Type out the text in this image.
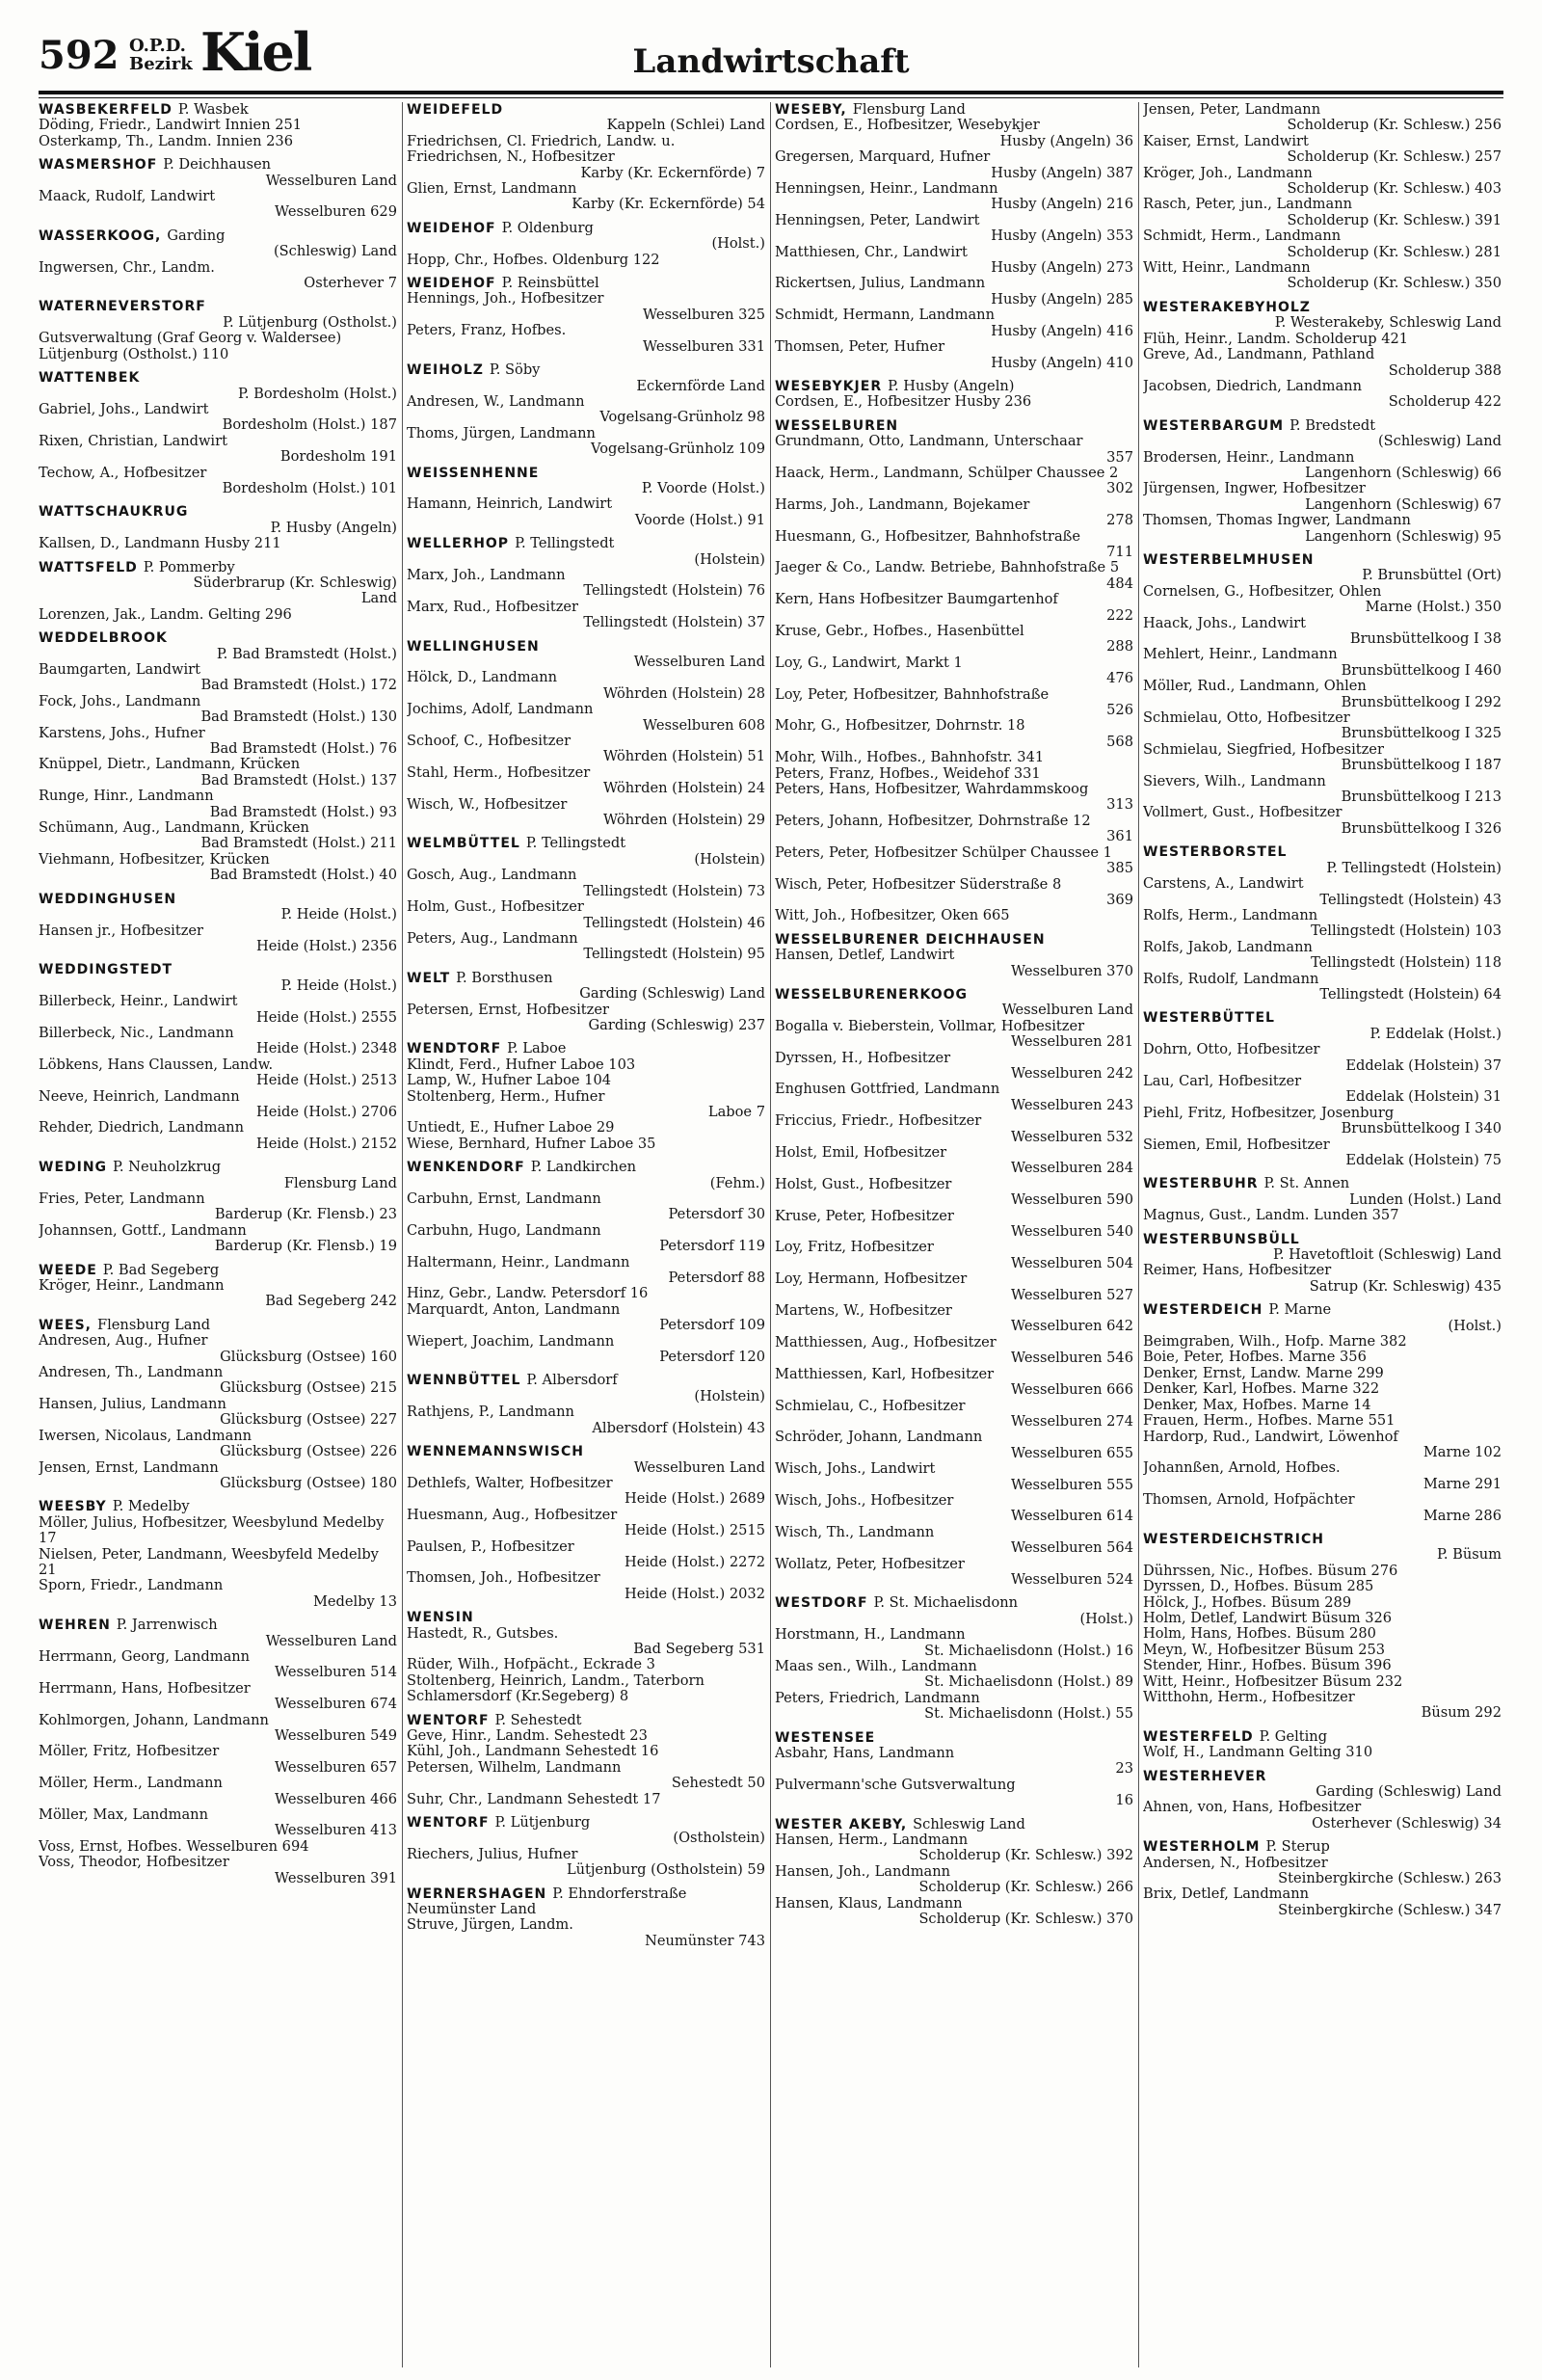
592 O.P.D.
Bezirk Kiel	Landwirtschaft
WASBEKERFELD P. Wasbek
Döding, Friedr., Landwirt Innien 251
Osterkamp, Th., Landm. Innien 236
WASMERSHOF P. Deichhausen
Wesselburen Land
Maack, Rudolf, Landwirt
Wesselburen 629
WASSERKOOG, Garding
(Schleswig) Land
Ingwersen, Chr., Landm.
Osterhever 7
WATERNEVERSTORF
P. Lütjenburg (Ostholst.)
Gutsverwaltung (Graf Georg v. Waldersee) Lütjenburg (Ostholst.) 110
WATTENBEK
P. Bordesholm (Holst.)
Gabriel, Johs., Landwirt
Bordesholm (Holst.) 187
Rixen, Christian, Landwirt
Bordesholm 191
Techow, A., Hofbesitzer
Bordesholm (Holst.) 101
WATTSCHAUKRUG
P. Husby (Angeln)
Kallsen, D., Landmann Husby 211
WATTSFELD P. Pommerby
Süderbrarup (Kr. Schleswig)
Land
Lorenzen, Jak., Landm. Gelting 296
WEDDELBROOK
P. Bad Bramstedt (Holst.)
Baumgarten, Landwirt
Bad Bramstedt (Holst.) 172
Fock, Johs., Landmann
Bad Bramstedt (Holst.) 130
Karstens, Johs., Hufner
Bad Bramstedt (Holst.) 76
Knüppel, Dietr., Landmann, Krücken
Bad Bramstedt (Holst.) 137
Runge, Hinr., Landmann
Bad Bramstedt (Holst.) 93
Schümann, Aug., Landmann, Krücken
Bad Bramstedt (Holst.) 211
Viehmann, Hofbesitzer, Krücken
Bad Bramstedt (Holst.) 40
WEDDINGHUSEN
P. Heide (Holst.)
Hansen jr., Hofbesitzer
Heide (Holst.) 2356
WEDDINGSTEDT
P. Heide (Holst.)
Billerbeck, Heinr., Landwirt
Heide (Holst.) 2555
Billerbeck, Nic., Landmann
Heide (Holst.) 2348
Löbkens, Hans Claussen, Landw.
Heide (Holst.) 2513
Neeve, Heinrich, Landmann
Heide (Holst.) 2706
Rehder, Diedrich, Landmann
Heide (Holst.) 2152
WEDING P. Neuholzkrug
Flensburg Land
Fries, Peter, Landmann
Barderup (Kr. Flensb.) 23
Johannsen, Gottf., Landmann
Barderup (Kr. Flensb.) 19
WEEDE P. Bad Segeberg
Kröger, Heinr., Landmann
Bad Segeberg 242
WEES, Flensburg Land
Andresen, Aug., Hufner
Glücksburg (Ostsee) 160
Andresen, Th., Landmann
Glücksburg (Ostsee) 215
Hansen, Julius, Landmann
Glücksburg (Ostsee) 227
Iwersen, Nicolaus, Landmann
Glücksburg (Ostsee) 226
Jensen, Ernst, Landmann
Glücksburg (Ostsee) 180
WEESBY P. Medelby
Möller, Julius, Hofbesitzer, Weesbylund Medelby 17
Nielsen, Peter, Landmann, Weesbyfeld Medelby 21
Sporn, Friedr., Landmann
Medelby 13
WEHREN P. Jarrenwisch
Wesselburen Land
Herrmann, Georg, Landmann
Wesselburen 514
Herrmann, Hans, Hofbesitzer
Wesselburen 674
Kohlmorgen, Johann, Landmann
Wesselburen 549
Möller, Fritz, Hofbesitzer
Wesselburen 657
Möller, Herm., Landmann
Wesselburen 466
Möller, Max, Landmann
Wesselburen 413
Voss, Ernst, Hofbes. Wesselburen 694
Voss, Theodor, Hofbesitzer
Wesselburen 391
WEIDEFELD
Kappeln (Schlei) Land
Friedrichsen, Cl. Friedrich, Landw. u. Friedrichsen, N., Hofbesitzer
Karby (Kr. Eckernförde) 7
Glien, Ernst, Landmann
Karby (Kr. Eckernförde) 54
WEIDEHOF P. Oldenburg
(Holst.)
Hopp, Chr., Hofbes. Oldenburg 122
WEIDEHOF P. Reinsbüttel
Hennings, Joh., Hofbesitzer
Wesselburen 325
Peters, Franz, Hofbes.
Wesselburen 331
WEIHOLZ P. Söby
Eckernförde Land
Andresen, W., Landmann
Vogelsang-Grünholz 98
Thoms, Jürgen, Landmann
Vogelsang-Grünholz 109
WEISSENHENNE
P. Voorde (Holst.)
Hamann, Heinrich, Landwirt
Voorde (Holst.) 91
WELLERHOP P. Tellingstedt
(Holstein)
Marx, Joh., Landmann
Tellingstedt (Holstein) 76
Marx, Rud., Hofbesitzer
Tellingstedt (Holstein) 37
WELLINGHUSEN
Wesselburen Land
Hölck, D., Landmann
Wöhrden (Holstein) 28
Jochims, Adolf, Landmann
Wesselburen 608
Schoof, C., Hofbesitzer
Wöhrden (Holstein) 51
Stahl, Herm., Hofbesitzer
Wöhrden (Holstein) 24
Wisch, W., Hofbesitzer
Wöhrden (Holstein) 29
WELMBÜTTEL P. Tellingstedt
(Holstein)
Gosch, Aug., Landmann
Tellingstedt (Holstein) 73
Holm, Gust., Hofbesitzer
Tellingstedt (Holstein) 46
Peters, Aug., Landmann
Tellingstedt (Holstein) 95
WELT P. Borsthusen
Garding (Schleswig) Land
Petersen, Ernst, Hofbesitzer
Garding (Schleswig) 237
WENDTORF P. Laboe
Klindt, Ferd., Hufner Laboe 103
Lamp, W., Hufner Laboe 104
Stoltenberg, Herm., Hufner
Laboe 7
Untiedt, E., Hufner Laboe 29
Wiese, Bernhard, Hufner Laboe 35
WENKENDORF P. Landkirchen
(Fehm.)
Carbuhn, Ernst, Landmann
Petersdorf 30
Carbuhn, Hugo, Landmann
Petersdorf 119
Haltermann, Heinr., Landmann
Petersdorf 88
Hinz, Gebr., Landw. Petersdorf 16
Marquardt, Anton, Landmann
Petersdorf 109
Wiepert, Joachim, Landmann
Petersdorf 120
WENNBÜTTEL P. Albersdorf
(Holstein)
Rathjens, P., Landmann
Albersdorf (Holstein) 43
WENNEMANNSWISCH
Wesselburen Land
Dethlefs, Walter, Hofbesitzer
Heide (Holst.) 2689
Huesmann, Aug., Hofbesitzer
Heide (Holst.) 2515
Paulsen, P., Hofbesitzer
Heide (Holst.) 2272
Thomsen, Joh., Hofbesitzer
Heide (Holst.) 2032
WENSIN
Hastedt, R., Gutsbes.
Bad Segeberg 531
Rüder, Wilh., Hofpächt., Eckrade 3
Stoltenberg, Heinrich, Landm., Taterborn Schlamersdorf (Kr.Segeberg) 8
WENTORF P. Sehestedt
Geve, Hinr., Landm. Sehestedt 23
Kühl, Joh., Landmann Sehestedt 16
Petersen, Wilhelm, Landmann
Sehestedt 50
Suhr, Chr., Landmann Sehestedt 17
WENTORF P. Lütjenburg
(Ostholstein)
Riechers, Julius, Hufner
Lütjenburg (Ostholstein) 59
WERNERSHAGEN P. Ehndorferstraße Neumünster Land
Struve, Jürgen, Landm.
Neumünster 743
WESEBY, Flensburg Land
Cordsen, E., Hofbesitzer, Wesebykjer
Husby (Angeln) 36
Gregersen, Marquard, Hufner
Husby (Angeln) 387
Henningsen, Heinr., Landmann
Husby (Angeln) 216
Henningsen, Peter, Landwirt
Husby (Angeln) 353
Matthiesen, Chr., Landwirt
Husby (Angeln) 273
Rickertsen, Julius, Landmann
Husby (Angeln) 285
Schmidt, Hermann, Landmann
Husby (Angeln) 416
Thomsen, Peter, Hufner
Husby (Angeln) 410
WESEBYKJER P. Husby (Angeln)
Cordsen, E., Hofbesitzer Husby 236
WESSELBUREN
Grundmann, Otto, Landmann, Unterschaar
357
Haack, Herm., Landmann, Schülper Chaussee 2
302
Harms, Joh., Landmann, Bojekamer
278
Huesmann, G., Hofbesitzer, Bahnhofstraße
711
Jaeger & Co., Landw. Betriebe, Bahnhofstraße 5
484
Kern, Hans Hofbesitzer Baumgartenhof
222
Kruse, Gebr., Hofbes., Hasenbüttel
288
Loy, G., Landwirt, Markt 1
476
Loy, Peter, Hofbesitzer, Bahnhofstraße
526
Mohr, G., Hofbesitzer, Dohrnstr. 18
568
Mohr, Wilh., Hofbes., Bahnhofstr. 341
Peters, Franz, Hofbes., Weidehof 331
Peters, Hans, Hofbesitzer, Wahrdammskoog
313
Peters, Johann, Hofbesitzer, Dohrnstraße 12
361
Peters, Peter, Hofbesitzer Schülper Chaussee 1
385
Wisch, Peter, Hofbesitzer Süderstraße 8
369
Witt, Joh., Hofbesitzer, Oken 665
WESSELBURENER DEICHHAUSEN
Hansen, Detlef, Landwirt
Wesselburen 370
WESSELBURENERKOOG
Wesselburen Land
Bogalla v. Bieberstein, Vollmar, Hofbesitzer
Wesselburen 281
Dyrssen, H., Hofbesitzer
Wesselburen 242
Enghusen Gottfried, Landmann
Wesselburen 243
Friccius, Friedr., Hofbesitzer
Wesselburen 532
Holst, Emil, Hofbesitzer
Wesselburen 284
Holst, Gust., Hofbesitzer
Wesselburen 590
Kruse, Peter, Hofbesitzer
Wesselburen 540
Loy, Fritz, Hofbesitzer
Wesselburen 504
Loy, Hermann, Hofbesitzer
Wesselburen 527
Martens, W., Hofbesitzer
Wesselburen 642
Matthiessen, Aug., Hofbesitzer
Wesselburen 546
Matthiessen, Karl, Hofbesitzer
Wesselburen 666
Schmielau, C., Hofbesitzer
Wesselburen 274
Schröder, Johann, Landmann
Wesselburen 655
Wisch, Johs., Landwirt
Wesselburen 555
Wisch, Johs., Hofbesitzer
Wesselburen 614
Wisch, Th., Landmann
Wesselburen 564
Wollatz, Peter, Hofbesitzer
Wesselburen 524
WESTDORF P. St. Michaelisdonn
(Holst.)
Horstmann, H., Landmann
St. Michaelisdonn (Holst.) 16
Maas sen., Wilh., Landmann
St. Michaelisdonn (Holst.) 89
Peters, Friedrich, Landmann
St. Michaelisdonn (Holst.) 55
WESTENSEE
Asbahr, Hans, Landmann
23
Pulvermann'sche Gutsverwaltung
16
WESTER AKEBY, Schleswig Land
Hansen, Herm., Landmann
Scholderup (Kr. Schlesw.) 392
Hansen, Joh., Landmann
Scholderup (Kr. Schlesw.) 266
Hansen, Klaus, Landmann
Scholderup (Kr. Schlesw.) 370
Jensen, Peter, Landmann
Scholderup (Kr. Schlesw.) 256
Kaiser, Ernst, Landwirt
Scholderup (Kr. Schlesw.) 257
Kröger, Joh., Landmann
Scholderup (Kr. Schlesw.) 403
Rasch, Peter, jun., Landmann
Scholderup (Kr. Schlesw.) 391
Schmidt, Herm., Landmann
Scholderup (Kr. Schlesw.) 281
Witt, Heinr., Landmann
Scholderup (Kr. Schlesw.) 350
WESTERAKEBYHOLZ
P. Westerakeby, Schleswig Land
Flüh, Heinr., Landm. Scholderup 421
Greve, Ad., Landmann, Pathland
Scholderup 388
Jacobsen, Diedrich, Landmann
Scholderup 422
WESTERBARGUM P. Bredstedt
(Schleswig) Land
Brodersen, Heinr., Landmann
Langenhorn (Schleswig) 66
Jürgensen, Ingwer, Hofbesitzer
Langenhorn (Schleswig) 67
Thomsen, Thomas Ingwer, Landmann
Langenhorn (Schleswig) 95
WESTERBELMHUSEN
P. Brunsbüttel (Ort)
Cornelsen, G., Hofbesitzer, Ohlen
Marne (Holst.) 350
Haack, Johs., Landwirt
Brunsbüttelkoog I 38
Mehlert, Heinr., Landmann
Brunsbüttelkoog I 460
Möller, Rud., Landmann, Ohlen
Brunsbüttelkoog I 292
Schmielau, Otto, Hofbesitzer
Brunsbüttelkoog I 325
Schmielau, Siegfried, Hofbesitzer
Brunsbüttelkoog I 187
Sievers, Wilh., Landmann
Brunsbüttelkoog I 213
Vollmert, Gust., Hofbesitzer
Brunsbüttelkoog I 326
WESTERBORSTEL
P. Tellingstedt (Holstein)
Carstens, A., Landwirt
Tellingstedt (Holstein) 43
Rolfs, Herm., Landmann
Tellingstedt (Holstein) 103
Rolfs, Jakob, Landmann
Tellingstedt (Holstein) 118
Rolfs, Rudolf, Landmann
Tellingstedt (Holstein) 64
WESTERBÜTTEL
P. Eddelak (Holst.)
Dohrn, Otto, Hofbesitzer
Eddelak (Holstein) 37
Lau, Carl, Hofbesitzer
Eddelak (Holstein) 31
Piehl, Fritz, Hofbesitzer, Josenburg
Brunsbüttelkoog I 340
Siemen, Emil, Hofbesitzer
Eddelak (Holstein) 75
WESTERBUHR P. St. Annen
Lunden (Holst.) Land
Magnus, Gust., Landm. Lunden 357
WESTERBUNSBÜLL
P. Havetoftloit (Schleswig) Land
Reimer, Hans, Hofbesitzer
Satrup (Kr. Schleswig) 435
WESTERDEICH P. Marne
(Holst.)
Beimgraben, Wilh., Hofp. Marne 382
Boie, Peter, Hofbes. Marne 356
Denker, Ernst, Landw. Marne 299
Denker, Karl, Hofbes. Marne 322
Denker, Max, Hofbes. Marne 14
Frauen, Herm., Hofbes. Marne 551
Hardorp, Rud., Landwirt, Löwenhof
Marne 102
Johannßen, Arnold, Hofbes.
Marne 291
Thomsen, Arnold, Hofpächter
Marne 286
WESTERDEICHSTRICH
P. Büsum
Dührssen, Nic., Hofbes. Büsum 276
Dyrssen, D., Hofbes. Büsum 285
Hölck, J., Hofbes. Büsum 289
Holm, Detlef, Landwirt Büsum 326
Holm, Hans, Hofbes. Büsum 280
Meyn, W., Hofbesitzer Büsum 253
Stender, Hinr., Hofbes. Büsum 396
Witt, Heinr., Hofbesitzer Büsum 232
Witthohn, Herm., Hofbesitzer
Büsum 292
WESTERFELD P. Gelting
Wolf, H., Landmann Gelting 310
WESTERHEVER
Garding (Schleswig) Land
Ahnen, von, Hans, Hofbesitzer
Osterhever (Schleswig) 34
WESTERHOLM P. Sterup
Andersen, N., Hofbesitzer
Steinbergkirche (Schlesw.) 263
Brix, Detlef, Landmann
Steinbergkirche (Schlesw.) 347
